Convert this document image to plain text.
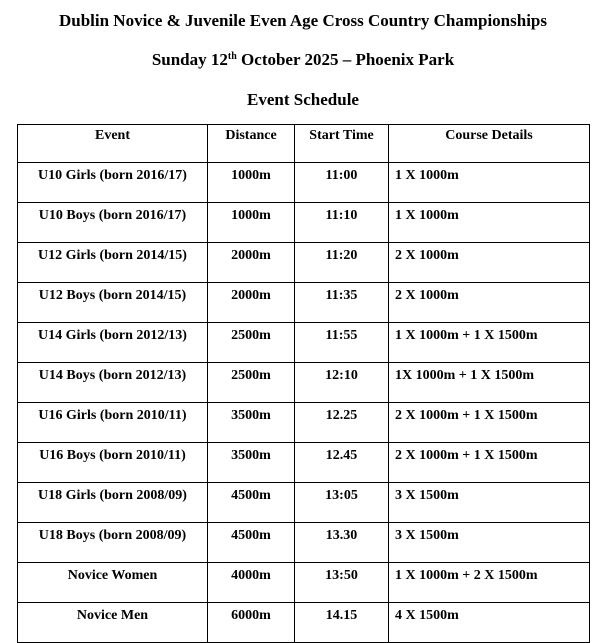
Dublin Novice & Juvenile Even Age Cross Country Championships
Sunday 12th October 2025 – Phoenix Park
Event Schedule
Event	Distance	Start Time	Course Details
U10 Girls (born 2016/17)	1000m	11:00	1 X 1000m
U10 Boys (born 2016/17)	1000m	11:10	1 X 1000m
U12 Girls (born 2014/15)	2000m	11:20	2 X 1000m
U12 Boys (born 2014/15)	2000m	11:35	2 X 1000m
U14 Girls (born 2012/13)	2500m	11:55	1 X 1000m + 1 X 1500m
U14 Boys (born 2012/13)	2500m	12:10	1X 1000m + 1 X 1500m
U16 Girls (born 2010/11)	3500m	12.25	2 X 1000m + 1 X 1500m
U16 Boys (born 2010/11)	3500m	12.45	2 X 1000m + 1 X 1500m
U18 Girls (born 2008/09)	4500m	13:05	3 X 1500m
U18 Boys (born 2008/09)	4500m	13.30	3 X 1500m
Novice Women	4000m	13:50	1 X 1000m + 2 X 1500m
Novice Men	6000m	14.15	4 X 1500m
